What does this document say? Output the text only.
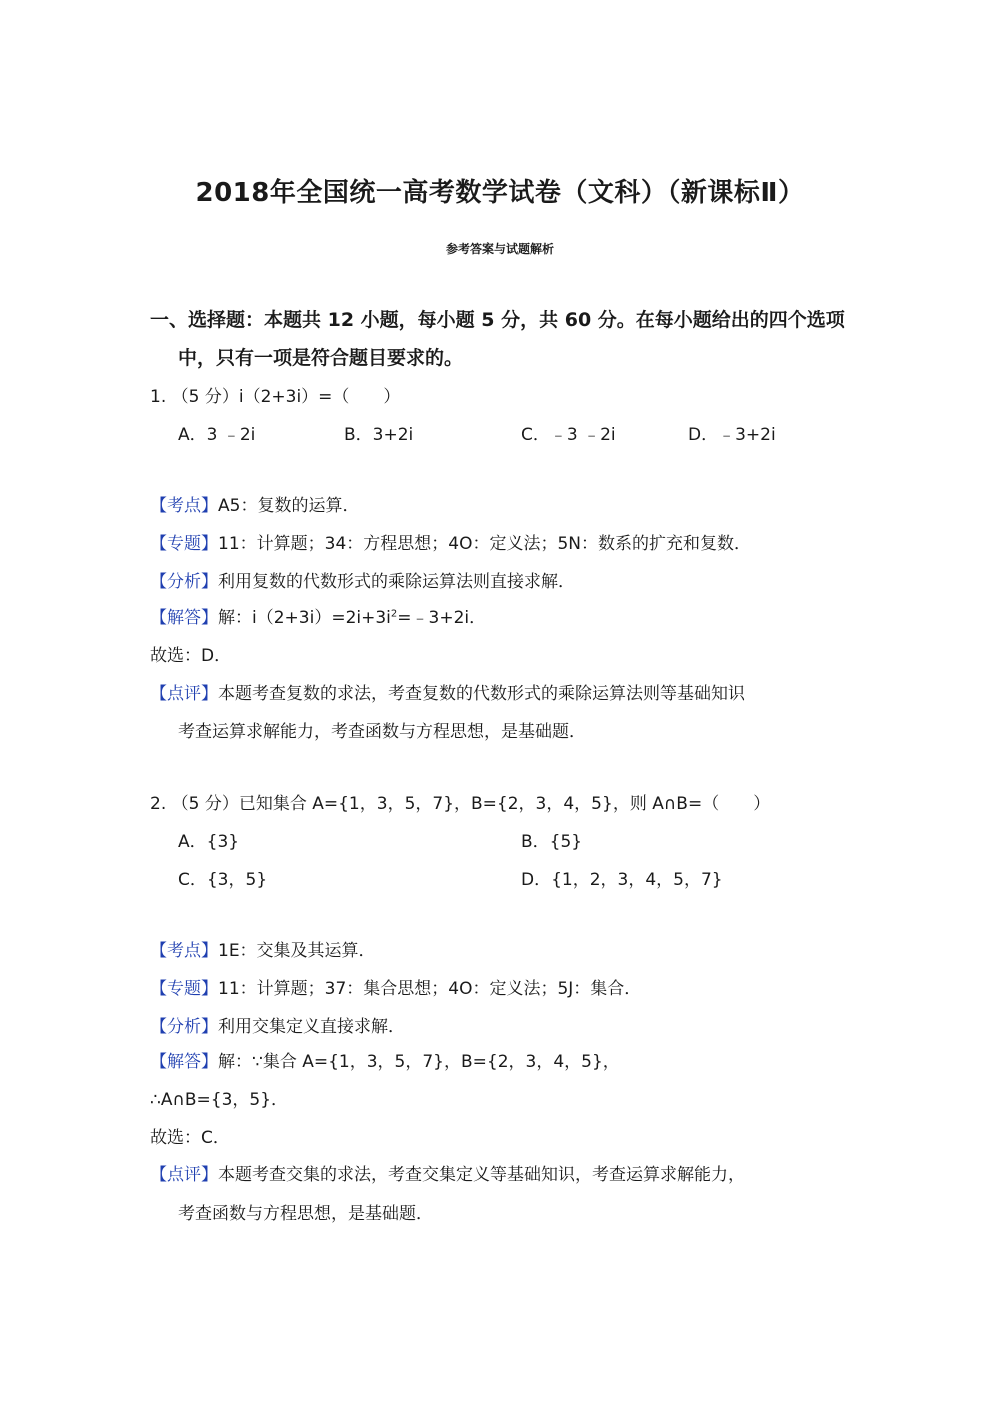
2018年全国统一高考数学试卷（文科）（新课标Ⅱ）
参考答案与试题解析
一、选择题：本题共 12 小题，每小题 5 分，共 60 分。在每小题给出的四个选项
中，只有一项是符合题目要求的。
1. （5 分）i（2+3i）=（　　）
A．3 ﹣2i	B．3+2i	C．﹣3 ﹣2i	D．﹣3+2i
【考点】A5：复数的运算．
【专题】11：计算题；34：方程思想；4O：定义法；5N：数系的扩充和复数．
【分析】利用复数的代数形式的乘除运算法则直接求解．
【解答】解：$i(2+3i)=2i+3i^2=﹣3+2i$．
故选：D．
【点评】本题考查复数的求法，考查复数的代数形式的乘除运算法则等基础知识
考查运算求解能力，考查函数与方程思想，是基础题．
2. （5 分）已知集合 A={1，3，5，7}，B={2，3，4，5}，则 A∩B=（　　）
A．{3}	B．{5}
C．{3，5}	D．{1，2，3，4，5，7}
【考点】1E：交集及其运算．
【专题】11：计算题；37：集合思想；4O：定义法；5J：集合．
【分析】利用交集定义直接求解．
【解答】解：∵集合 A={1，3，5，7}，B={2，3，4，5}，
∴A∩B={3，5}．
故选：C．
【点评】本题考查交集的求法，考查交集定义等基础知识，考查运算求解能力，
考查函数与方程思想，是基础题．
